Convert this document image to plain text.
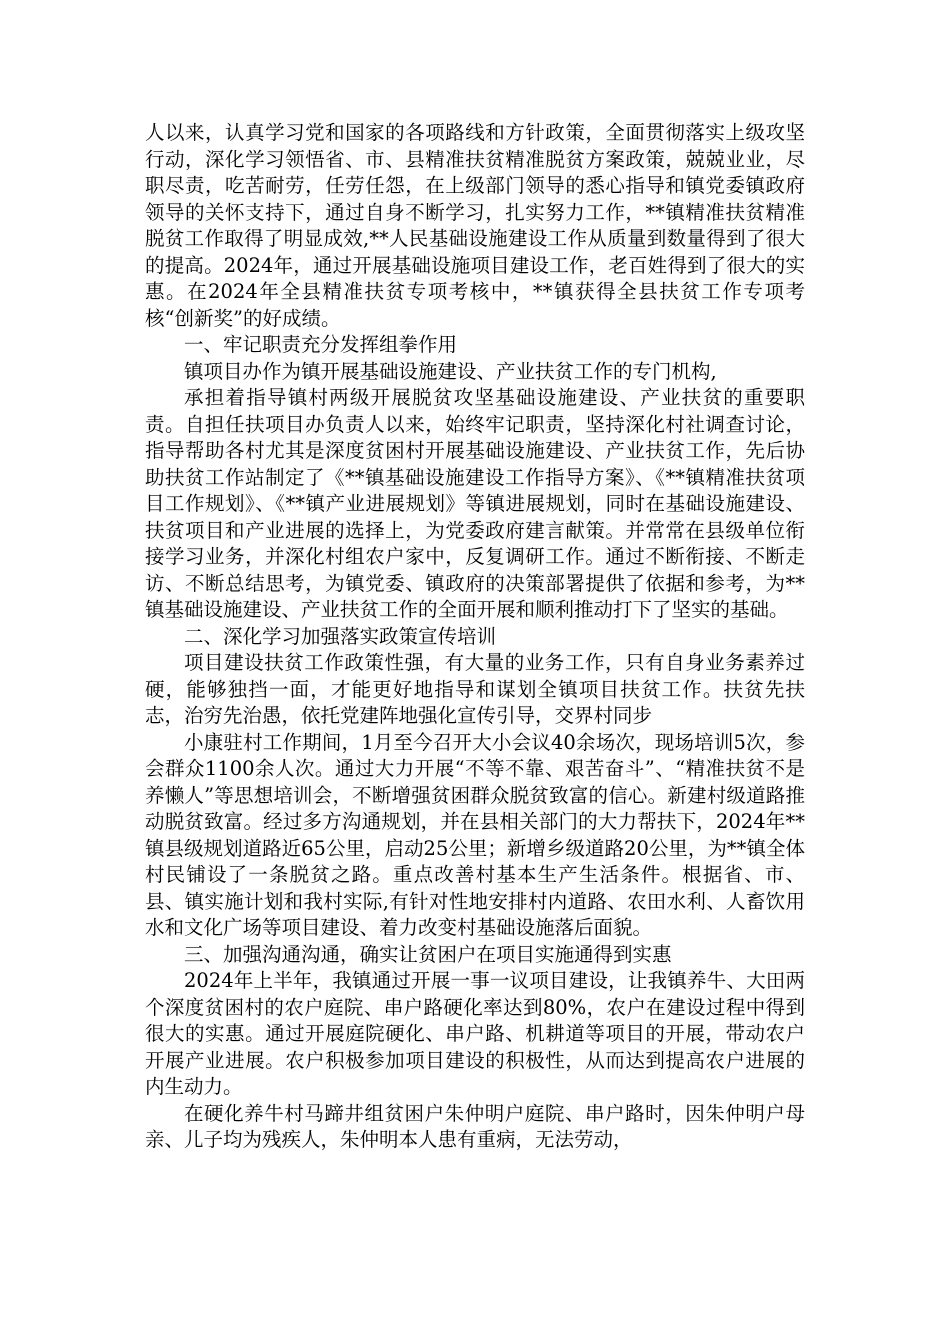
人以来，认真学习党和国家的各项路线和方针政策，全面贯彻落实上级攻坚行动，深化学习领悟省、市、县精准扶贫精准脱贫方案政策，兢兢业业，尽职尽责，吃苦耐劳，任劳任怨，在上级部门领导的悉心指导和镇党委镇政府领导的关怀支持下，通过自身不断学习，扎实努力工作，**镇精准扶贫精准脱贫工作取得了明显成效,**人民基础设施建设工作从质量到数量得到了很大的提高。2024年，通过开展基础设施项目建设工作，老百姓得到了很大的实惠。在2024年全县精准扶贫专项考核中，**镇获得全县扶贫工作专项考核“创新奖”的好成绩。

一、牢记职责充分发挥组拳作用

镇项目办作为镇开展基础设施建设、产业扶贫工作的专门机构,

承担着指导镇村两级开展脱贫攻坚基础设施建设、产业扶贫的重要职责。自担任扶项目办负责人以来，始终牢记职责，坚持深化村社调查讨论，指导帮助各村尤其是深度贫困村开展基础设施建设、产业扶贫工作，先后协助扶贫工作站制定了《**镇基础设施建设工作指导方案》、《**镇精准扶贫项目工作规划》、《**镇产业进展规划》等镇进展规划，同时在基础设施建设、扶贫项目和产业进展的选择上，为党委政府建言献策。并常常在县级单位衔接学习业务，并深化村组农户家中，反复调研工作。通过不断衔接、不断走访、不断总结思考，为镇党委、镇政府的决策部署提供了依据和参考，为**镇基础设施建设、产业扶贫工作的全面开展和顺利推动打下了坚实的基础。

二、深化学习加强落实政策宣传培训

项目建设扶贫工作政策性强，有大量的业务工作，只有自身业务素养过硬，能够独挡一面，才能更好地指导和谋划全镇项目扶贫工作。扶贫先扶志，治穷先治愚，依托党建阵地强化宣传引导，交界村同步

小康驻村工作期间，1月至今召开大小会议40余场次，现场培训5次，参会群众1100余人次。通过大力开展“不等不靠、艰苦奋斗”、“精准扶贫不是养懒人”等思想培训会，不断增强贫困群众脱贫致富的信心。新建村级道路推动脱贫致富。经过多方沟通规划，并在县相关部门的大力帮扶下，2024年**镇县级规划道路近65公里，启动25公里；新增乡级道路20公里，为**镇全体村民铺设了一条脱贫之路。重点改善村基本生产生活条件。根据省、市、县、镇实施计划和我村实际,有针对性地安排村内道路、农田水利、人畜饮用水和文化广场等项目建设、着力改变村基础设施落后面貌。

三、加强沟通沟通，确实让贫困户在项目实施通得到实惠

2024年上半年，我镇通过开展一事一议项目建设，让我镇养牛、大田两个深度贫困村的农户庭院、串户路硬化率达到80%，农户在建设过程中得到很大的实惠。通过开展庭院硬化、串户路、机耕道等项目的开展，带动农户开展产业进展。农户积极参加项目建设的积极性，从而达到提高农户进展的内生动力。

在硬化养牛村马蹄井组贫困户朱仲明户庭院、串户路时，因朱仲明户母亲、儿子均为残疾人，朱仲明本人患有重病，无法劳动，
